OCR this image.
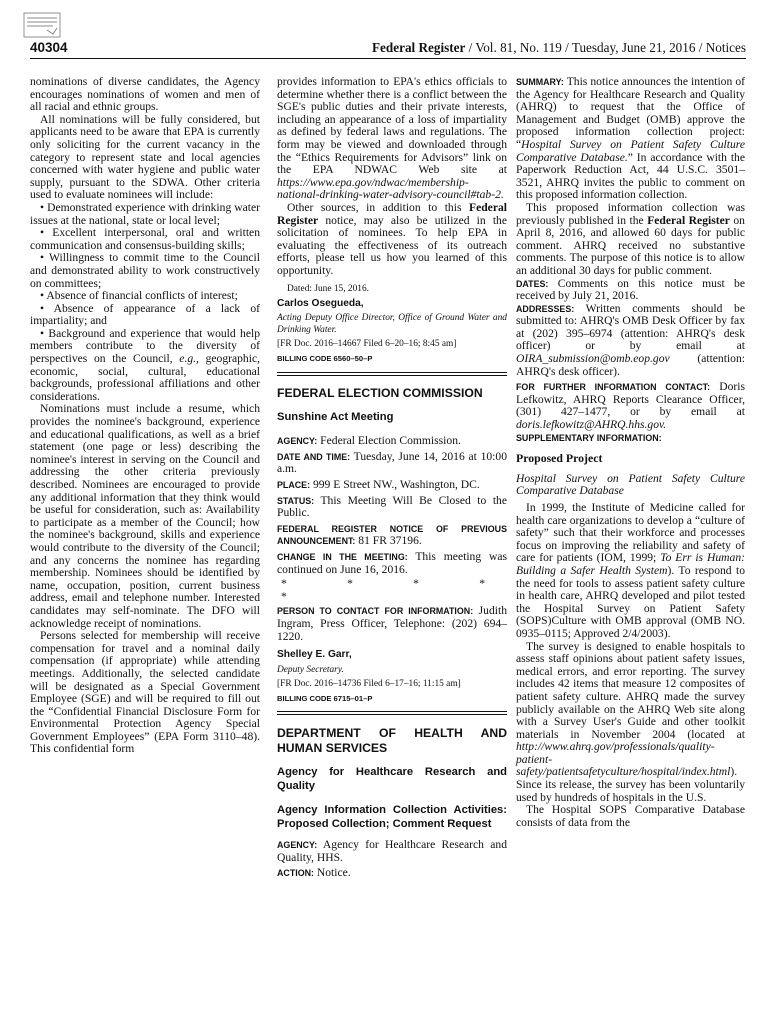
40304	Federal Register / Vol. 81, No. 119 / Tuesday, June 21, 2016 / Notices

nominations of diverse candidates, the Agency encourages nominations of women and men of all racial and ethnic groups.

All nominations will be fully considered, but applicants need to be aware that EPA is currently only soliciting for the current vacancy in the category to represent state and local agencies concerned with water hygiene and public water supply, pursuant to the SDWA. Other criteria used to evaluate nominees will include:

• Demonstrated experience with drinking water issues at the national, state or local level;

• Excellent interpersonal, oral and written communication and consensus-building skills;

• Willingness to commit time to the Council and demonstrated ability to work constructively on committees;

• Absence of financial conflicts of interest;

• Absence of appearance of a lack of impartiality; and

• Background and experience that would help members contribute to the diversity of perspectives on the Council, e.g., geographic, economic, social, cultural, educational backgrounds, professional affiliations and other considerations.

Nominations must include a resume, which provides the nominee's background, experience and educational qualifications, as well as a brief statement (one page or less) describing the nominee's interest in serving on the Council and addressing the other criteria previously described. Nominees are encouraged to provide any additional information that they think would be useful for consideration, such as: Availability to participate as a member of the Council; how the nominee's background, skills and experience would contribute to the diversity of the Council; and any concerns the nominee has regarding membership. Nominees should be identified by name, occupation, position, current business address, email and telephone number. Interested candidates may self-nominate. The DFO will acknowledge receipt of nominations.

Persons selected for membership will receive compensation for travel and a nominal daily compensation (if appropriate) while attending meetings. Additionally, the selected candidate will be designated as a Special Government Employee (SGE) and will be required to fill out the “Confidential Financial Disclosure Form for Environmental Protection Agency Special Government Employees” (EPA Form 3110–48). This confidential form

provides information to EPA's ethics officials to determine whether there is a conflict between the SGE's public duties and their private interests, including an appearance of a loss of impartiality as defined by federal laws and regulations. The form may be viewed and downloaded through the “Ethics Requirements for Advisors” link on the EPA NDWAC Web site at https://www.epa.gov/ndwac/membership-national-drinking-water-advisory-council#tab-2.

Other sources, in addition to this Federal Register notice, may also be utilized in the solicitation of nominees. To help EPA in evaluating the effectiveness of its outreach efforts, please tell us how you learned of this opportunity.

Dated: June 15, 2016.

Carlos Osegueda,

Acting Deputy Office Director, Office of Ground Water and Drinking Water.

[FR Doc. 2016–14667 Filed 6–20–16; 8:45 am]

BILLING CODE 6560–50–P

FEDERAL ELECTION COMMISSION

Sunshine Act Meeting

AGENCY: Federal Election Commission.

DATE AND TIME: Tuesday, June 14, 2016 at 10:00 a.m.

PLACE: 999 E Street NW., Washington, DC.

STATUS: This Meeting Will Be Closed to the Public.

FEDERAL REGISTER NOTICE OF PREVIOUS ANNOUNCEMENT: 81 FR 37196.

CHANGE IN THE MEETING: This meeting was continued on June 16, 2016.

* * * * *

PERSON TO CONTACT FOR INFORMATION: Judith Ingram, Press Officer, Telephone: (202) 694–1220.

Shelley E. Garr,

Deputy Secretary.

[FR Doc. 2016–14736 Filed 6–17–16; 11:15 am]

BILLING CODE 6715–01–P

DEPARTMENT OF HEALTH AND HUMAN SERVICES

Agency for Healthcare Research and Quality

Agency Information Collection Activities: Proposed Collection; Comment Request

AGENCY: Agency for Healthcare Research and Quality, HHS.

ACTION: Notice.

SUMMARY: This notice announces the intention of the Agency for Healthcare Research and Quality (AHRQ) to request that the Office of Management and Budget (OMB) approve the proposed information collection project: “Hospital Survey on Patient Safety Culture Comparative Database.” In accordance with the Paperwork Reduction Act, 44 U.S.C. 3501–3521, AHRQ invites the public to comment on this proposed information collection.

This proposed information collection was previously published in the Federal Register on April 8, 2016, and allowed 60 days for public comment. AHRQ received no substantive comments. The purpose of this notice is to allow an additional 30 days for public comment.

DATES: Comments on this notice must be received by July 21, 2016.

ADDRESSES: Written comments should be submitted to: AHRQ's OMB Desk Officer by fax at (202) 395–6974 (attention: AHRQ's desk officer) or by email at OIRA_submission@omb.eop.gov (attention: AHRQ's desk officer).

FOR FURTHER INFORMATION CONTACT: Doris Lefkowitz, AHRQ Reports Clearance Officer, (301) 427–1477, or by email at doris.lefkowitz@AHRQ.hhs.gov.

SUPPLEMENTARY INFORMATION:

Proposed Project

Hospital Survey on Patient Safety Culture Comparative Database

In 1999, the Institute of Medicine called for health care organizations to develop a “culture of safety” such that their workforce and processes focus on improving the reliability and safety of care for patients (IOM, 1999; To Err is Human: Building a Safer Health System). To respond to the need for tools to assess patient safety culture in health care, AHRQ developed and pilot tested the Hospital Survey on Patient Safety (SOPS)Culture with OMB approval (OMB NO. 0935–0115; Approved 2/4/2003).

The survey is designed to enable hospitals to assess staff opinions about patient safety issues, medical errors, and error reporting. The survey includes 42 items that measure 12 composites of patient safety culture. AHRQ made the survey publicly available on the AHRQ Web site along with a Survey User's Guide and other toolkit materials in November 2004 (located at http://www.ahrq.gov/professionals/quality-patient-safety/patientsafetyculture/hospital/index.html). Since its release, the survey has been voluntarily used by hundreds of hospitals in the U.S.

The Hospital SOPS Comparative Database consists of data from the
